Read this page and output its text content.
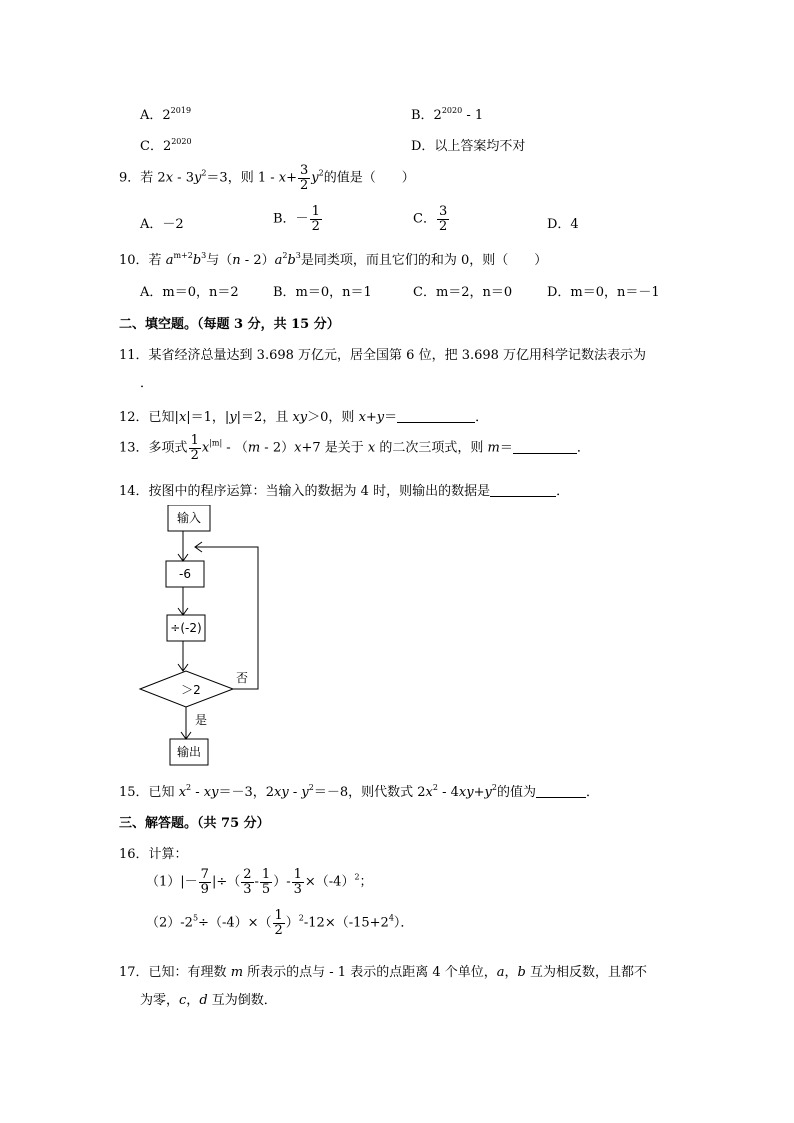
A．$2^{2019}$	B．$2^{2020} - 1$
C．$2^{2020}$	D．以上答案均不对
9．若 $2x - 3y^2=3$，则 $1 - x+ \frac{3}{2} y^2$的值是（　　）
A．－2	B．－ $\frac{1}{2}$	C． $\frac{3}{2}$	D．4
10．若 $a^{m+2}b^3$与$(n - 2)a^2b^3$是同类项，而且它们的和为 0，则（　　）
A．m＝0，n＝2	B．m＝0，n＝1	C．m＝2，n＝0	D．m＝0，n＝－1
二、填空题。（每题 3 分，共 15 分）
11．某省经济总量达到 3.698 万亿元，居全国第 6 位，把 3.698 万亿用科学记数法表示为
．
12．已知|x|＝1，|y|＝2，且 xy＞0，则 x+y＝	．
13．多项式 $\frac{1}{2} x^{|m|} - (m - 2)x+7$ 是关于 x 的二次三项式，则 m＝	．
14．按图中的程序运算：当输入的数据为 4 时，则输出的数据是	．
输入
-6
÷(-2)
＞2
否
是
输出
15．已知 $x^2 - xy=-3$，$2xy - y^2=-8$，则代数式 $2x^2 - 4xy+y^2$的值为	．
三、解答题。（共 75 分）
16．计算：
$(1)|- \frac{7}{9}$ |÷（ $\frac{2}{3} - \frac{1}{5}$ ）- $\frac{1}{3} \times(-4)^2$；
$(2)-2^5\div(-4)\times( \frac{1}{2} )^2-12\times(-15+2^4)$．
17．已知：有理数 m 所表示的点与 - 1 表示的点距离 4 个单位，a，b 互为相反数，且都不
为零，c，d 互为倒数．
